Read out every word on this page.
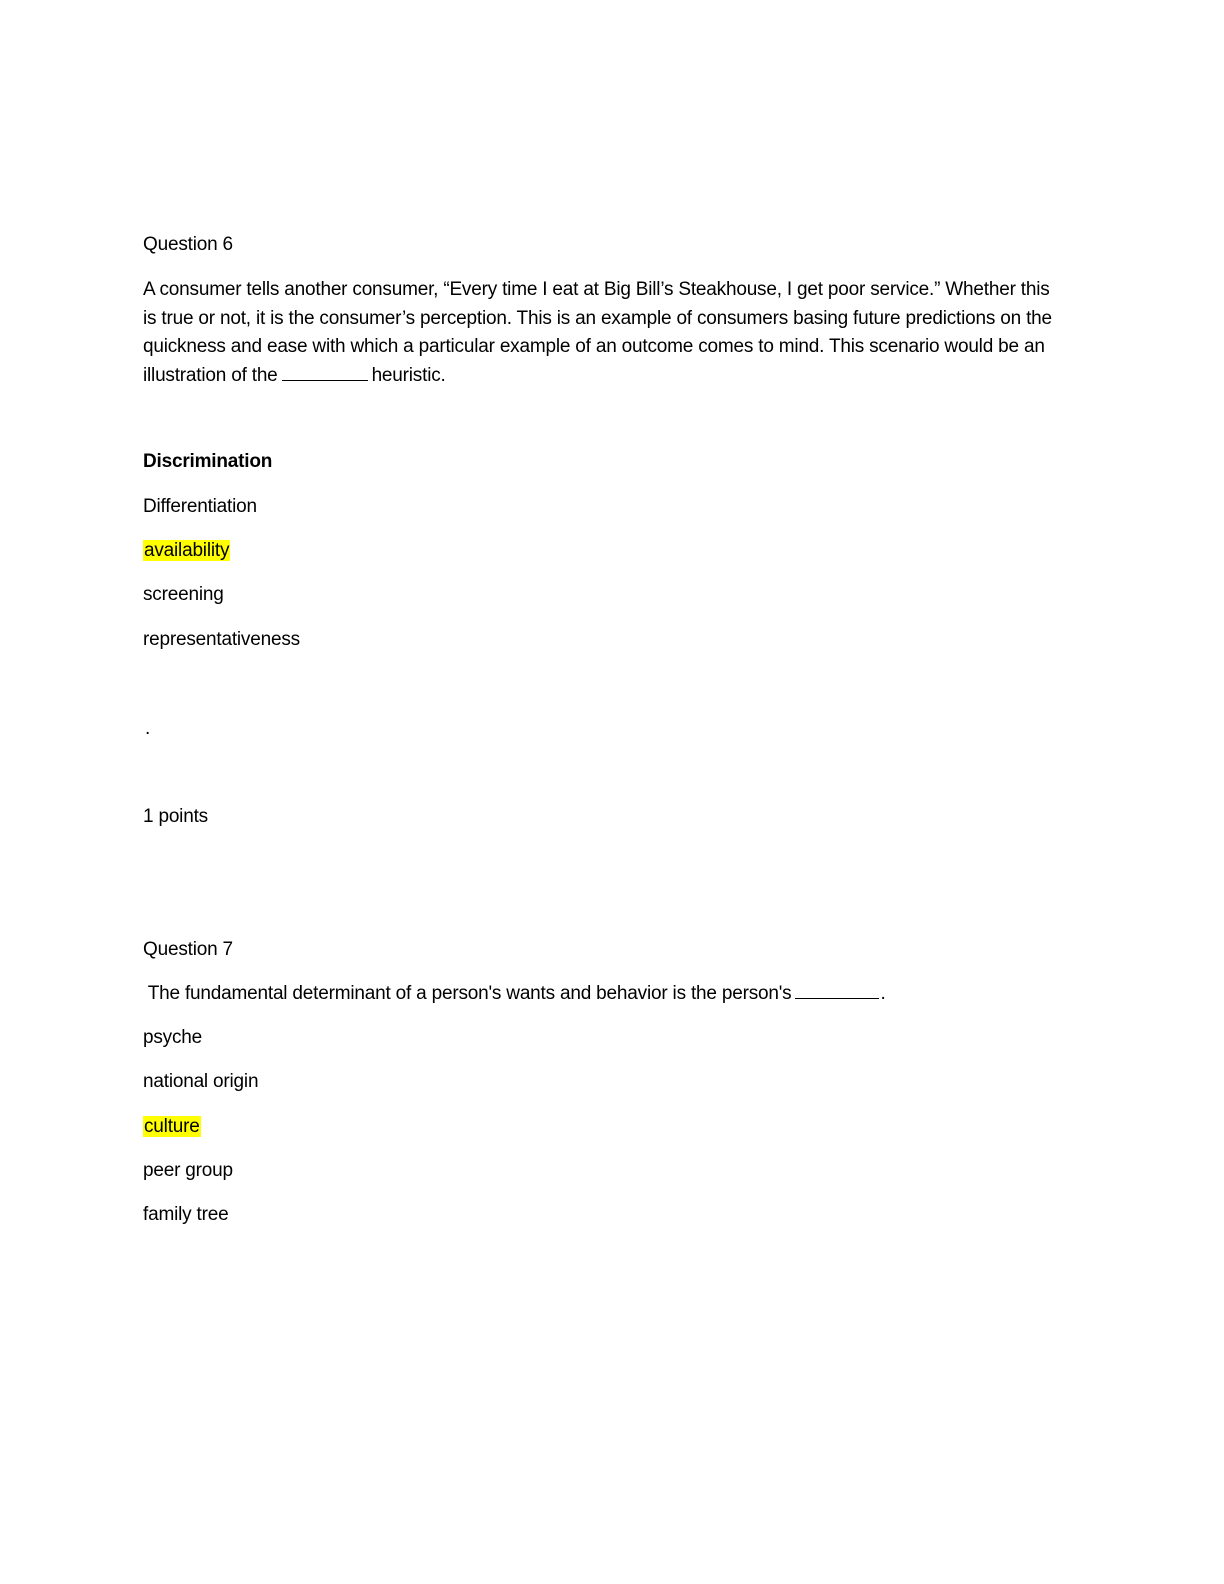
Question 6
A consumer tells another consumer, “Every time I eat at Big Bill’s Steakhouse, I get poor service.” Whether this is true or not, it is the consumer’s perception. This is an example of consumers basing future predictions on the quickness and ease with which a particular example of an outcome comes to mind. This scenario would be an illustration of the	heuristic.
Discrimination
Differentiation
availability
screening
representativeness
.
1 points
Question 7
The fundamental determinant of a person's wants and behavior is the person's	.
psyche
national origin
culture
peer group
family tree
